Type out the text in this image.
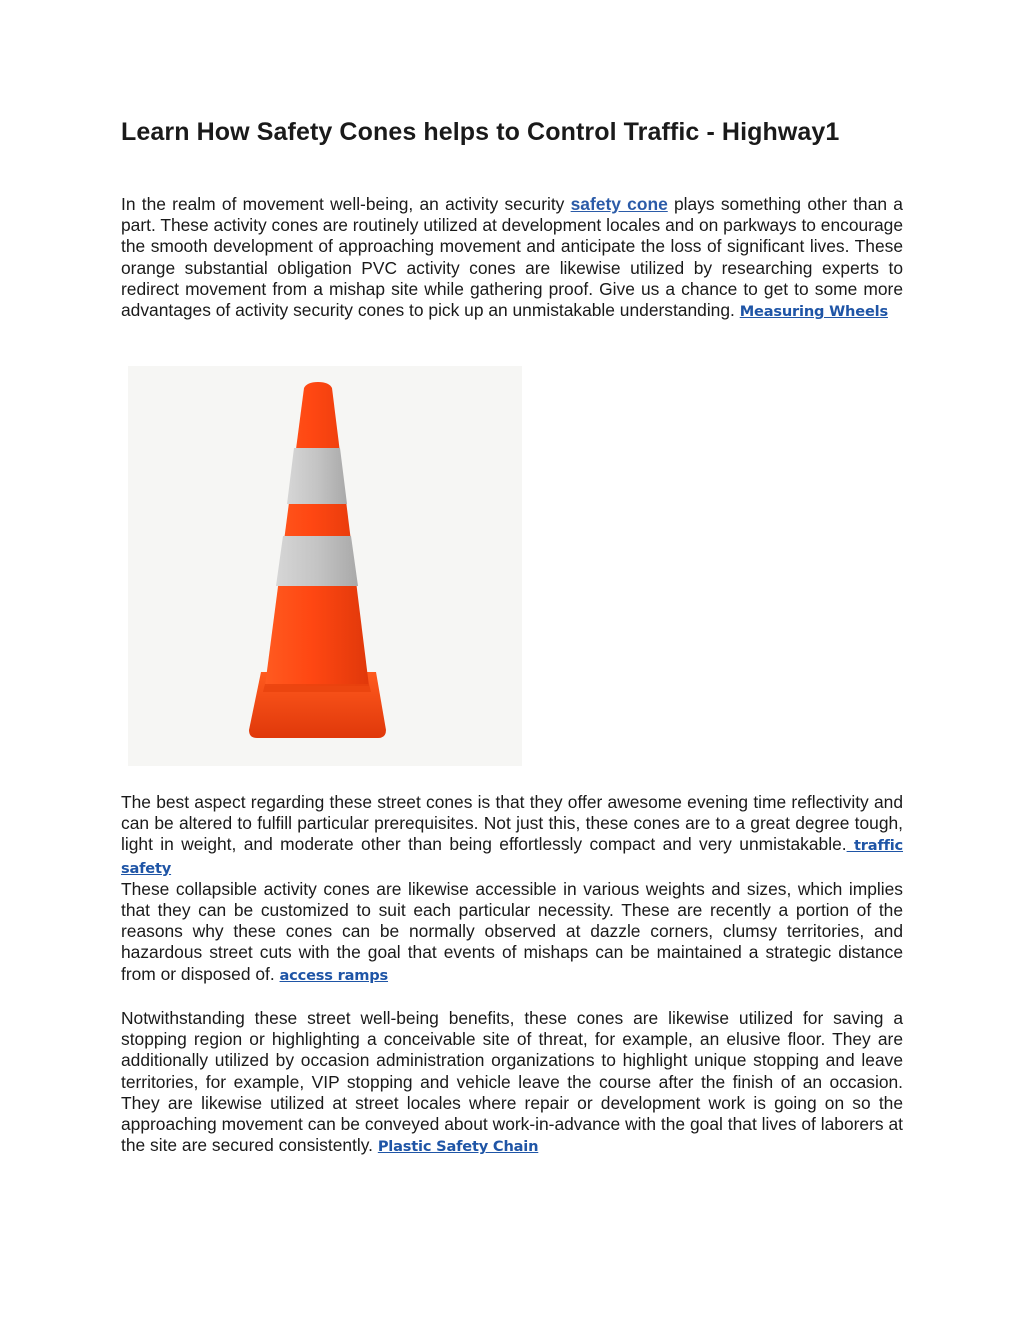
Learn How Safety Cones helps to Control Traffic - Highway1

In the realm of movement well-being, an activity security safety cone plays something other than a part. These activity cones are routinely utilized at development locales and on parkways to encourage the smooth development of approaching movement and anticipate the loss of significant lives. These orange substantial obligation PVC activity cones are likewise utilized by researching experts to redirect movement from a mishap site while gathering proof. Give us a chance to get to some more advantages of activity security cones to pick up an unmistakable understanding. Measuring Wheels

The best aspect regarding these street cones is that they offer awesome evening time reflectivity and can be altered to fulfill particular prerequisites. Not just this, these cones are to a great degree tough, light in weight, and moderate other than being effortlessly compact and very unmistakable. traffic safety
These collapsible activity cones are likewise accessible in various weights and sizes, which implies that they can be customized to suit each particular necessity. These are recently a portion of the reasons why these cones can be normally observed at dazzle corners, clumsy territories, and hazardous street cuts with the goal that events of mishaps can be maintained a strategic distance from or disposed of. access ramps

Notwithstanding these street well-being benefits, these cones are likewise utilized for saving a stopping region or highlighting a conceivable site of threat, for example, an elusive floor. They are additionally utilized by occasion administration organizations to highlight unique stopping and leave territories, for example, VIP stopping and vehicle leave the course after the finish of an occasion. They are likewise utilized at street locales where repair or development work is going on so the approaching movement can be conveyed about work-in-advance with the goal that lives of laborers at the site are secured consistently. Plastic Safety Chain
